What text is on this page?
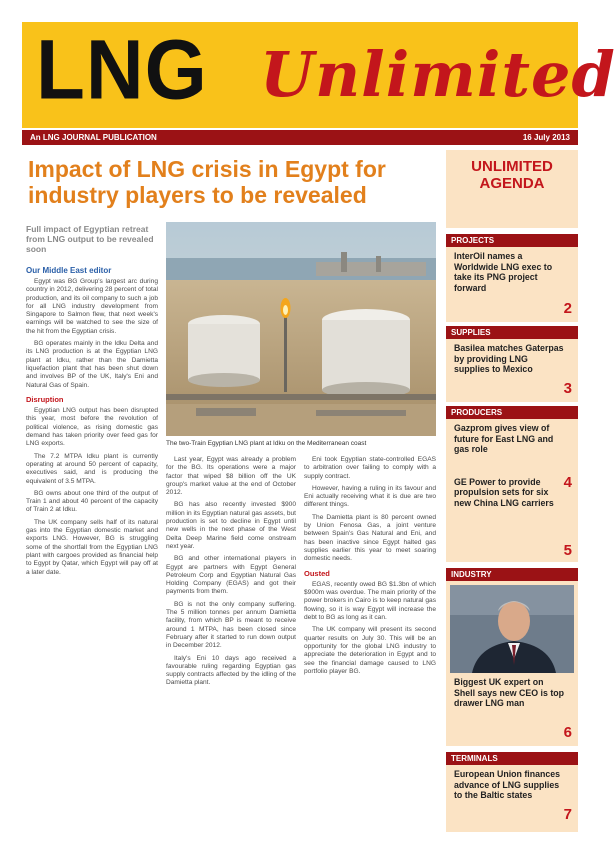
LNG Unlimited
An LNG JOURNAL PUBLICATION	16 July 2013
Impact of LNG crisis in Egypt for industry players to be revealed
Full impact of Egyptian retreat from LNG output to be revealed soon
Our Middle East editor
The two-Train Egyptian LNG plant at Idku on the Mediterranean coast

Egypt was BG Group's largest arc during country in 2012, delivering 28 percent of total production, and its oil company to such a job for all LNG industry development from Singapore to Salmon flew, that next week's earnings will be watched to see the size of the hit from the Egyptian crisis.

BG operates mainly in the Idku Delta and its LNG production is at the Egyptian LNG plant at Idku, rather than the Damietta liquefaction plant that has been shut down and involves BP of the UK, Italy's Eni and Natural Gas of Spain.

Disruption

Egyptian LNG output has been disrupted this year, most before the revolution of political violence, as rising domestic gas demand has taken priority over feed gas for LNG exports.

The 7.2 MTPA Idku plant is currently operating at around 50 percent of capacity, executives said, and is producing the equivalent of 3.5 MTPA.

BG owns about one third of the output of Train 1 and about 40 percent of the capacity of Train 2 at Idku.

The UK company sells half of its natural gas into the Egyptian domestic market and exports LNG. However, BG is struggling some of the shortfall from the Egyptian LNG plant with cargoes provided as financial help to Egypt by Qatar, which Egypt will pay off at a later date.

Last year, Egypt was already a problem for the BG. Its operations were a major factor that wiped $8 billion off the UK group's market value at the end of October 2012.

BG has also recently invested $900 million in its Egyptian natural gas assets, but production is set to decline in Egypt until new wells in the next phase of the West Delta Deep Marine field come onstream next year.

BG and other international players in Egypt are partners with Egypt General Petroleum Corp and Egyptian Natural Gas Holding Company (EGAS) and got their payments from them.

BG is not the only company suffering. The 5 million tonnes per annum Damietta facility, from which BP is meant to receive around 1 MTPA, has been closed since February after it started to run down output in December 2012.

Italy's Eni 10 days ago received a favourable ruling regarding Egyptian gas supply contracts affected by the idling of the Damietta plant.

Eni took Egyptian state-controlled EGAS to arbitration over failing to comply with a supply contract.

However, having a ruling in its favour and Eni actually receiving what it is due are two different things.

The Damietta plant is 80 percent owned by Union Fenosa Gas, a joint venture between Spain's Gas Natural and Eni, and has been inactive since Egypt halted gas supplies earlier this year to meet soaring domestic needs.

Ousted

EGAS, recently owed BG $1.3bn of which $900m was overdue. The main priority of the power brokers in Cairo is to keep natural gas flowing, so it is way Egypt will increase the debt to BG as long as it can.

The UK company will present its second quarter results on July 30. This will be an opportunity for the global LNG industry to appreciate the deterioration in Egypt and to see the financial damage caused to LNG portfolio player BG.

UNLIMITED AGENDA
PROJECTS
InterOil names a Worldwide LNG exec to take its PNG project forward
2
SUPPLIES
Basilea matches Gaterpas by providing LNG supplies to Mexico
3
PRODUCERS
Gazprom gives view of future for East LNG and gas role
4
GE Power to provide propulsion sets for six new China LNG carriers
5
INDUSTRY
Biggest UK expert on Shell says new CEO is top drawer LNG man
6
TERMINALS
European Union finances advance of LNG supplies to the Baltic states
7
